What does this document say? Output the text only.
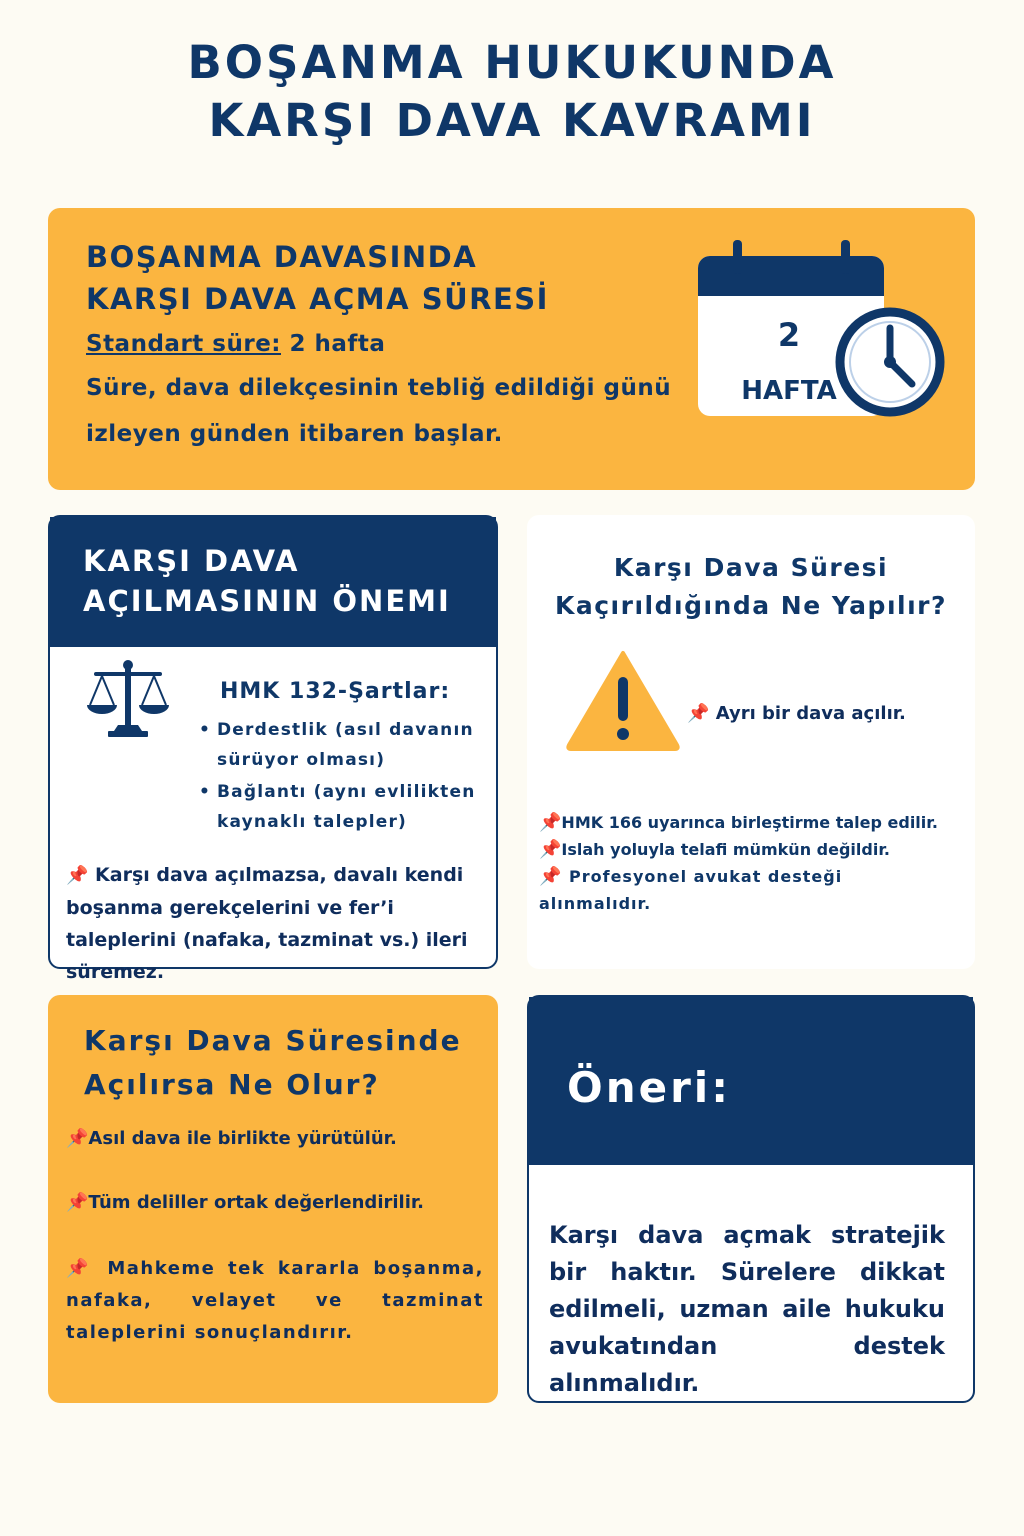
BOŞANMA HUKUKUNDA
KARŞI DAVA KAVRAMI
BOŞANMA DAVASINDA
KARŞI DAVA AÇMA SÜRESİ
Standart süre: 2 hafta
Süre, dava dilekçesinin tebliğ edildiği günü
izleyen günden itibaren başlar.
2
HAFTA
KARŞI DAVA
AÇILMASININ ÖNEMI
HMK 132-Şartlar:
• Derdestlik (asıl davanın sürüyor olması)
• Bağlantı (aynı evlilikten kaynaklı talepler)
📌 Karşı dava açılmazsa, davalı kendi boşanma gerekçelerini ve fer’i taleplerini (nafaka, tazminat vs.) ileri süremez.
Karşı Dava Süresi
Kaçırıldığında Ne Yapılır?
📌 Ayrı bir dava açılır.
📌HMK 166 uyarınca birleştirme talep edilir.
📌Islah yoluyla telafi mümkün değildir.
📌 Profesyonel avukat desteği alınmalıdır.
Karşı Dava Süresinde
Açılırsa Ne Olur?
📌Asıl dava ile birlikte yürütülür.
📌Tüm deliller ortak değerlendirilir.
📌 Mahkeme tek kararla boşanma, nafaka, velayet ve tazminat taleplerini sonuçlandırır.
Öneri:
Karşı dava açmak stratejik bir haktır. Sürelere dikkat edilmeli, uzman aile hukuku avukatından destek alınmalıdır.
